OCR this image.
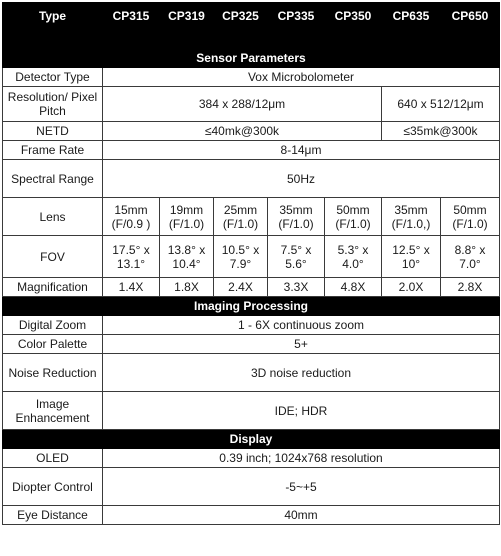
Type	CP315	CP319	CP325	CP335	CP350	CP635	CP650

Sensor Parameters							
Detector Type	Vox Microbolometer						
Resolution/ Pixel Pitch	384 x 288/12μm					640 x 512/12μm	
NETD	≤40mk@300k					≤35mk@300k	
Frame Rate	8-14μm						
Spectral Range	50Hz						
Lens	15mm (F/0.9 )	19mm (F/1.0)	25mm (F/1.0)	35mm (F/1.0)	50mm (F/1.0)	35mm (F/1.0,)	50mm (F/1.0)
FOV	17.5° x 13.1°	13.8° x 10.4°	10.5° x 7.9°	7.5° x 5.6°	5.3° x 4.0°	12.5° x 10°	8.8° x 7.0°
Magnification	1.4X	1.8X	2.4X	3.3X	4.8X	2.0X	2.8X
Imaging Processing							
Digital Zoom	1 - 6X continuous zoom						
Color Palette	5+						
Noise Reduction	3D noise reduction						
Image Enhancement	IDE; HDR						
Display							
OLED	0.39 inch; 1024x768 resolution						
Diopter Control	-5~+5						
Eye Distance	40mm						
